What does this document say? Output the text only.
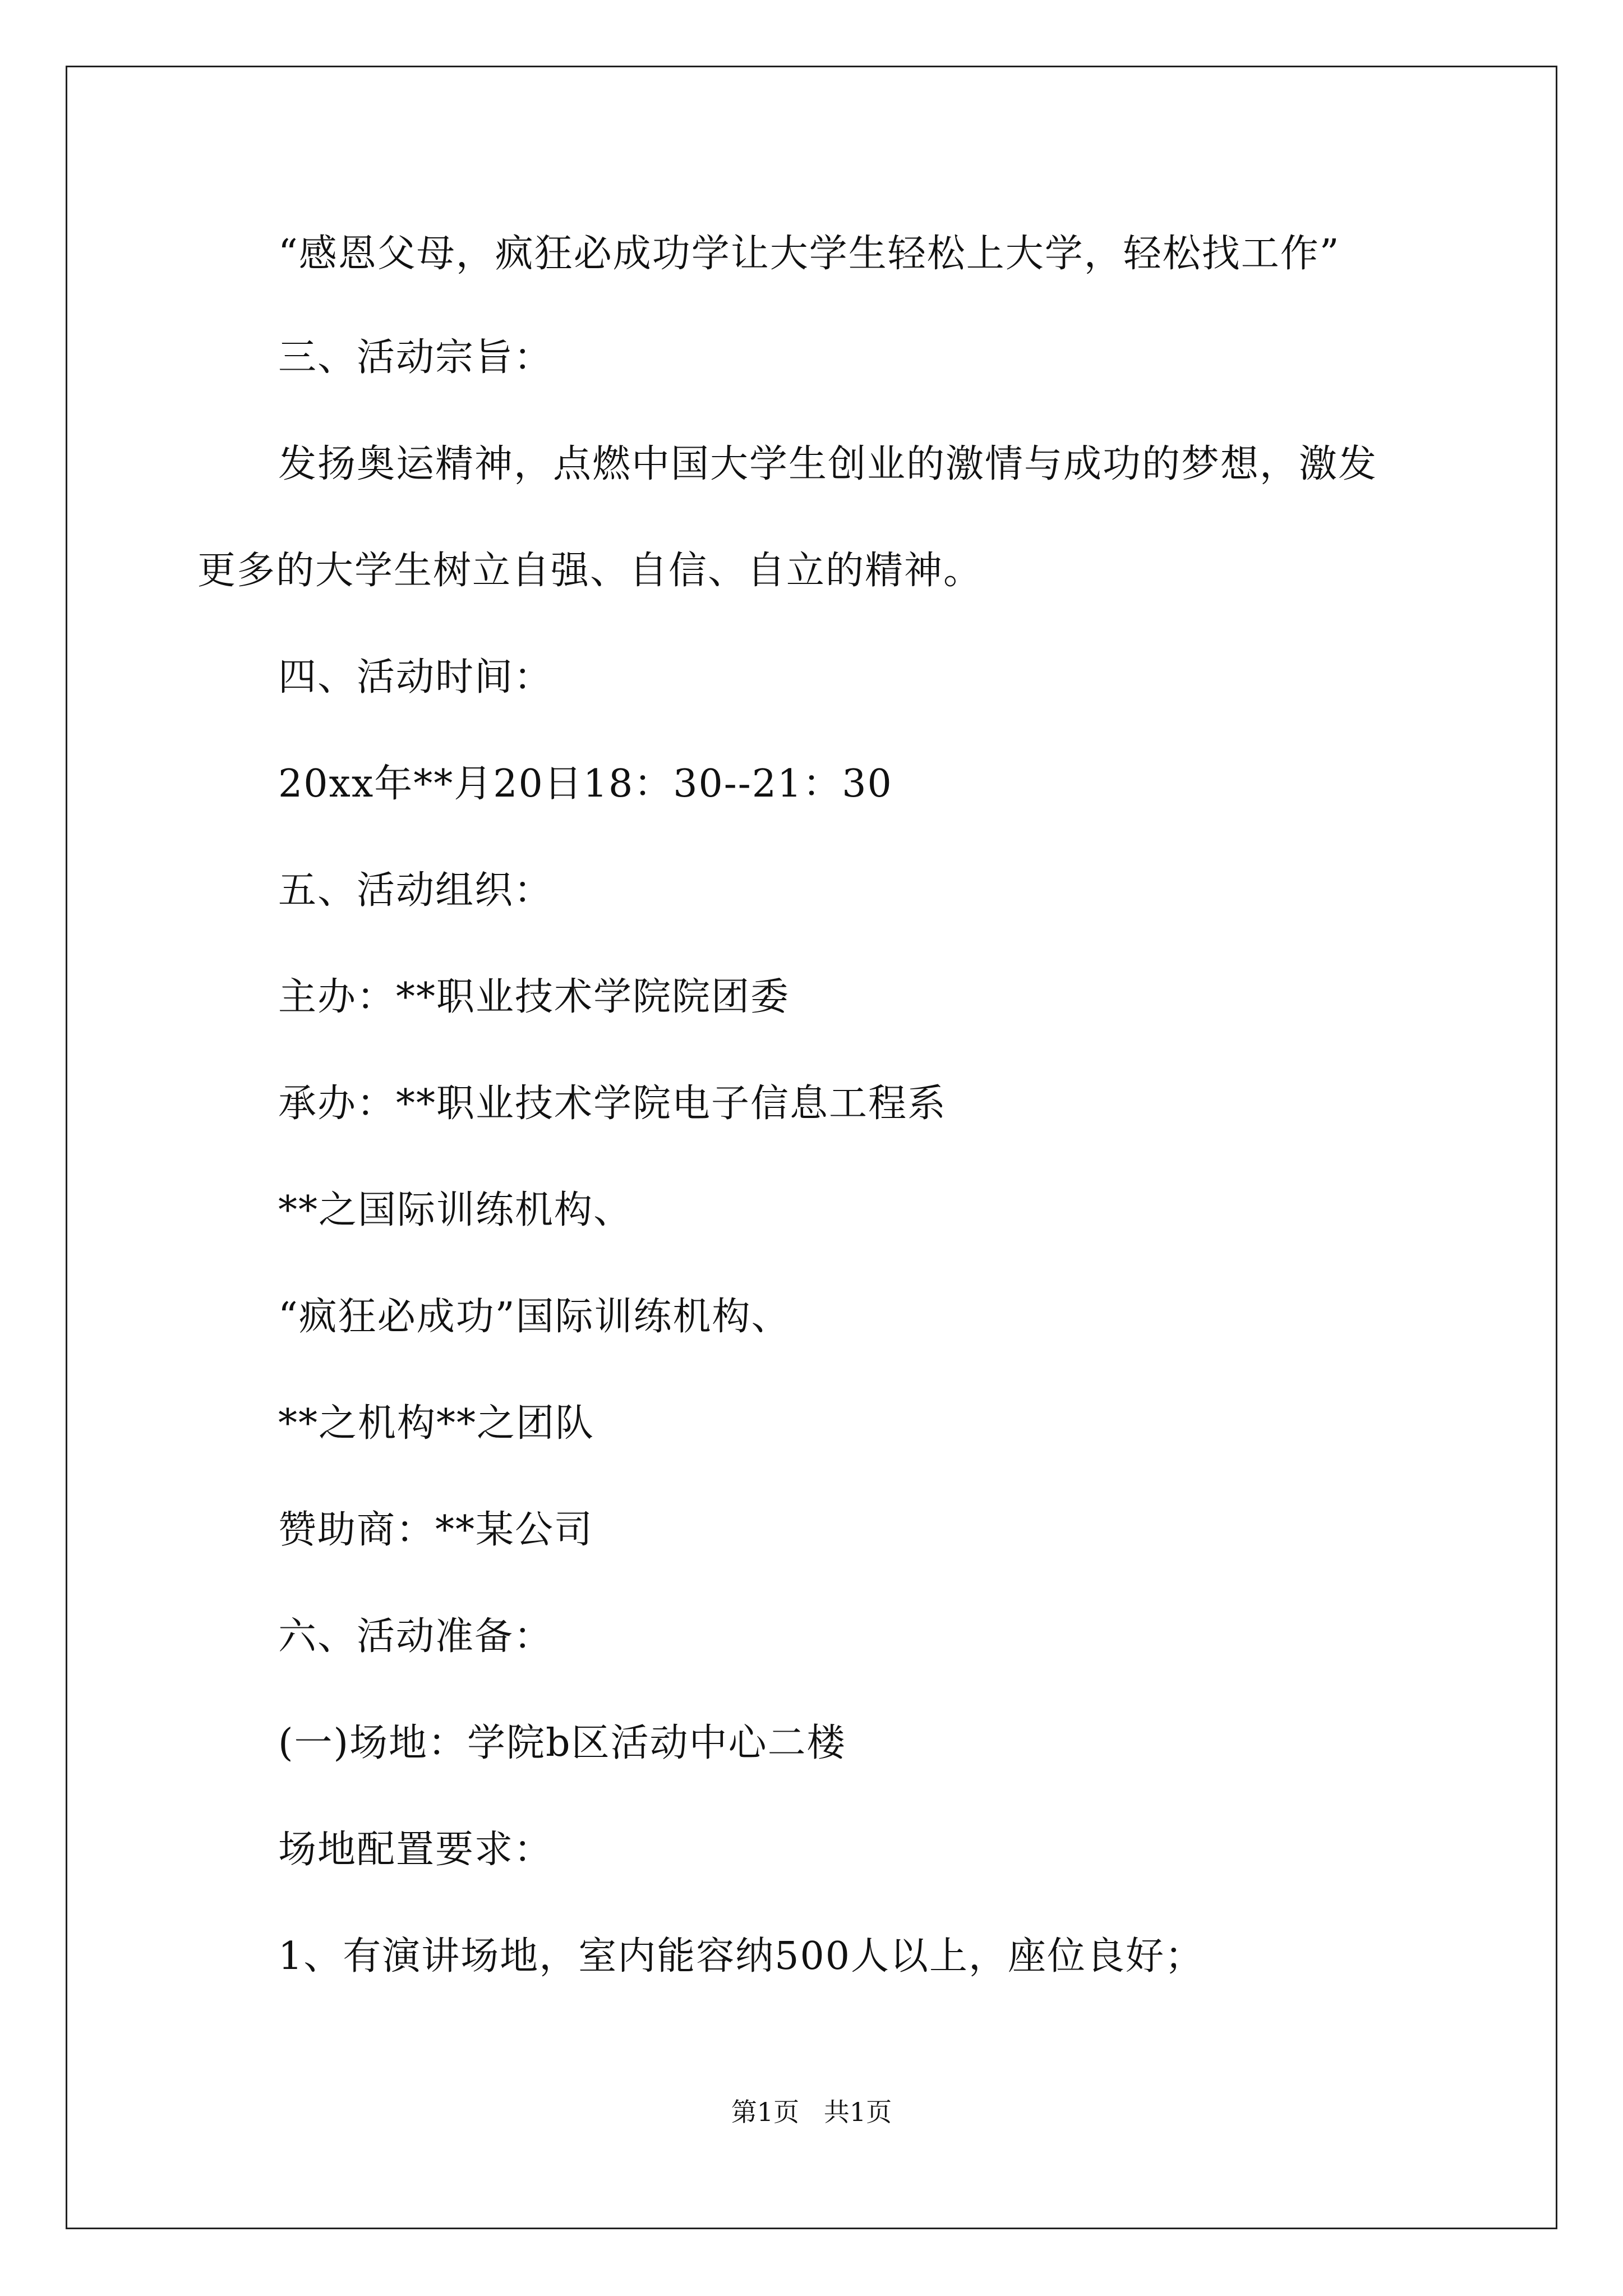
“感恩父母，疯狂必成功学让大学生轻松上大学，轻松找工作”

三、活动宗旨：

发扬奥运精神，点燃中国大学生创业的激情与成功的梦想，激发

更多的大学生树立自强、自信、自立的精神。

四、活动时间：

20xx年**月20日18：30--21：30

五、活动组织：

主办：**职业技术学院院团委

承办：**职业技术学院电子信息工程系

**之国际训练机构、

“疯狂必成功”国际训练机构、

**之机构**之团队

赞助商：**某公司

六、活动准备：

(一)场地：学院b区活动中心二楼

场地配置要求：

1、有演讲场地，室内能容纳500人以上，座位良好；

第1页   共1页
